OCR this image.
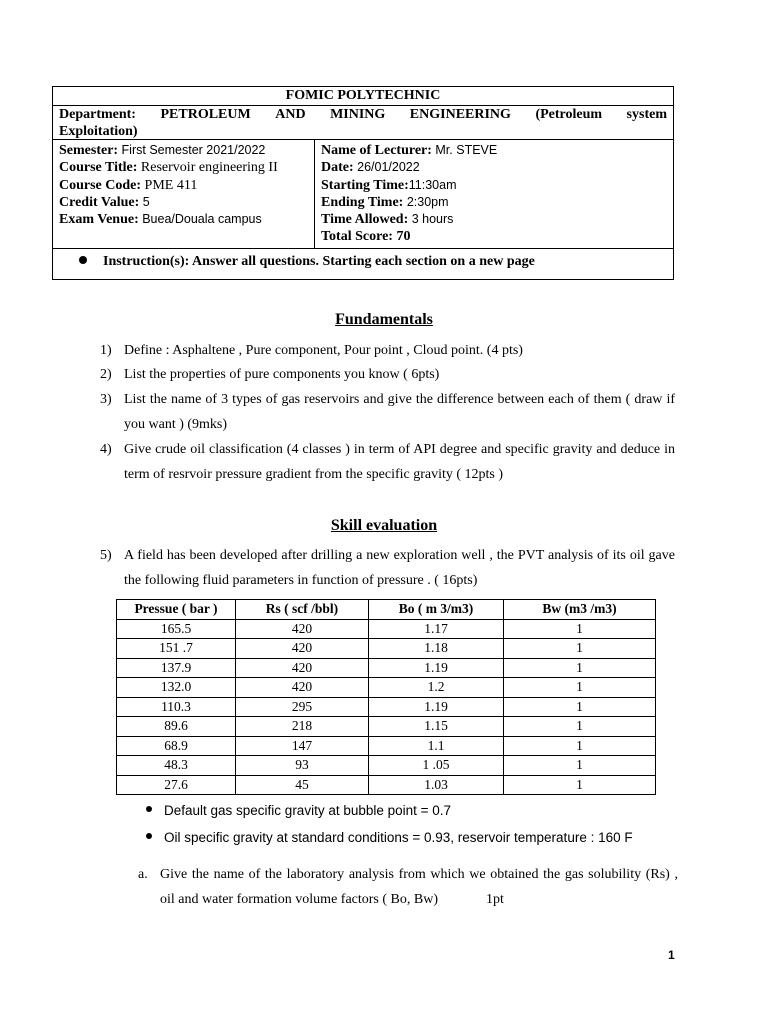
FOMIC POLYTECHNIC
Department: PETROLEUM AND MINING ENGINEERING (Petroleum system
Exploitation)
Semester: First Semester 2021/2022
Course Title: Reservoir engineering II
Course Code: PME 411
Credit Value: 5
Exam Venue: Buea/Douala campus
Name of Lecturer: Mr. STEVE
Date: 26/01/2022
Starting Time:11:30am
Ending Time: 2:30pm
Time Allowed: 3 hours
Total Score: 70
Instruction(s): Answer all questions. Starting each section on a new page
Fundamentals
1) Define : Asphaltene , Pure component, Pour point , Cloud point. (4 pts)
2) List the properties of pure components you know ( 6pts)
3) List the name of 3 types of gas reservoirs and give the difference between each of them ( draw if you want ) (9mks)
4) Give crude oil classification (4 classes ) in term of API degree and specific gravity and deduce in term of resrvoir pressure gradient from the specific gravity ( 12pts )
Skill evaluation
5) A field has been developed after drilling a new exploration well , the PVT analysis of its oil gave the following fluid parameters in function of pressure . ( 16pts)
Pressue ( bar )	Rs ( scf /bbl)	Bo ( m 3/m3)	Bw (m3 /m3)
165.5	420	1.17	1
151 .7	420	1.18	1
137.9	420	1.19	1
132.0	420	1.2	1
110.3	295	1.19	1
89.6	218	1.15	1
68.9	147	1.1	1
48.3	93	1 .05	1
27.6	45	1.03	1
Default gas specific gravity at bubble point = 0.7
Oil specific gravity at standard conditions = 0.93, reservoir temperature : 160 F
a. Give the name of the laboratory analysis from which we obtained the gas solubility (Rs) , oil and water formation volume factors ( Bo, Bw)	1pt
1
